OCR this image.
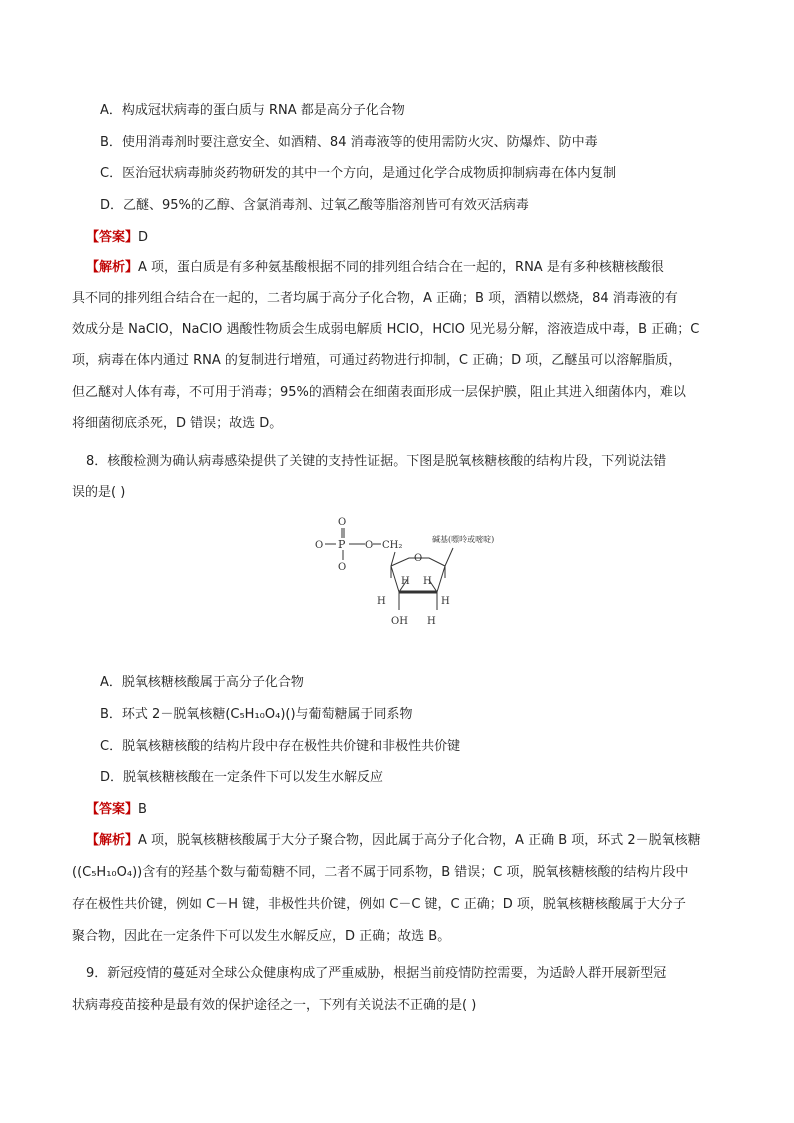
A．构成冠状病毒的蛋白质与 RNA 都是高分子化合物
B．使用消毒剂时要注意安全、如酒精、84 消毒液等的使用需防火灾、防爆炸、防中毒
C．医治冠状病毒肺炎药物研发的其中一个方向，是通过化学合成物质抑制病毒在体内复制
D．乙醚、95%的乙醇、含氯消毒剂、过氧乙酸等脂溶剂皆可有效灭活病毒
【答案】D
【解析】A 项，蛋白质是有多种氨基酸根据不同的排列组合结合在一起的，RNA 是有多种核糖核酸很
具不同的排列组合结合在一起的，二者均属于高分子化合物，A 正确；B 项，酒精以燃烧，84 消毒液的有
效成分是 NaClO，NaClO 遇酸性物质会生成弱电解质 HClO，HClO 见光易分解，溶液造成中毒，B 正确；C
项，病毒在体内通过 RNA 的复制进行增殖，可通过药物进行抑制，C 正确；D 项，乙醚虽可以溶解脂质，
但乙醚对人体有毒，不可用于消毒；95%的酒精会在细菌表面形成一层保护膜，阻止其进入细菌体内，难以
将细菌彻底杀死，D 错误；故选 D。
8．核酸检测为确认病毒感染提供了关键的支持性证据。下图是脱氧核糖核酸的结构片段，下列说法错
误的是( )
P
O
O
O
O CH₂
O
碱基(嘌呤或嘧啶)
H H
H	H
H
OH
A．脱氧核糖核酸属于高分子化合物
B．环式 2－脱氧核糖(C₅H₁₀O₄)()与葡萄糖属于同系物
C．脱氧核糖核酸的结构片段中存在极性共价键和非极性共价键
D．脱氧核糖核酸在一定条件下可以发生水解反应
【答案】B
【解析】A 项，脱氧核糖核酸属于大分子聚合物，因此属于高分子化合物，A 正确 B 项，环式 2－脱氧核糖
((C₅H₁₀O₄))含有的羟基个数与葡萄糖不同，二者不属于同系物，B 错误；C 项，脱氧核糖核酸的结构片段中
存在极性共价键，例如 C－H 键，非极性共价键，例如 C－C 键，C 正确；D 项，脱氧核糖核酸属于大分子
聚合物，因此在一定条件下可以发生水解反应，D 正确；故选 B。
9．新冠疫情的蔓延对全球公众健康构成了严重威胁，根据当前疫情防控需要，为适龄人群开展新型冠
状病毒疫苗接种是最有效的保护途径之一，下列有关说法不正确的是( )
